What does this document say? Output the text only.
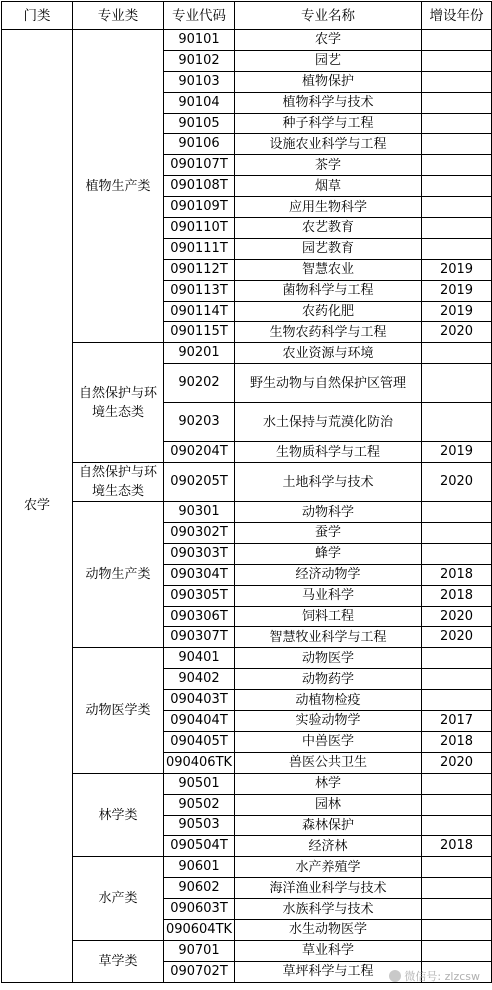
门类	专业类	专业代码	专业名称	增设年份
农学	植物生产类	90101	农学	
		90102	园艺	
		90103	植物保护	
		90104	植物科学与技术	
		90105	种子科学与工程	
		90106	设施农业科学与工程	
		090107T	茶学	
		090108T	烟草	
		090109T	应用生物科学	
		090110T	农艺教育	
		090111T	园艺教育	
		090112T	智慧农业	2019
		090113T	菌物科学与工程	2019
		090114T	农药化肥	2019
		090115T	生物农药科学与工程	2020
	自然保护与环境生态类	90201	农业资源与环境	
		90202	野生动物与自然保护区管理	
		90203	水土保持与荒漠化防治	
		090204T	生物质科学与工程	2019
	自然保护与环境生态类	090205T	土地科学与技术	2020
	动物生产类	90301	动物科学	
		090302T	蚕学	
		090303T	蜂学	
		090304T	经济动物学	2018
		090305T	马业科学	2018
		090306T	饲料工程	2020
		090307T	智慧牧业科学与工程	2020
	动物医学类	90401	动物医学	
		90402	动物药学	
		090403T	动植物检疫	
		090404T	实验动物学	2017
		090405T	中兽医学	2018
		090406TK	兽医公共卫生	2020
	林学类	90501	林学	
		90502	园林	
		90503	森林保护	
		090504T	经济林	2018
	水产类	90601	水产养殖学	
		90602	海洋渔业科学与技术	
		090603T	水族科学与技术	
		090604TK	水生动物医学	
	草学类	90701	草业科学	
		090702T	草坪科学与工程		微信号: zlzcsw
